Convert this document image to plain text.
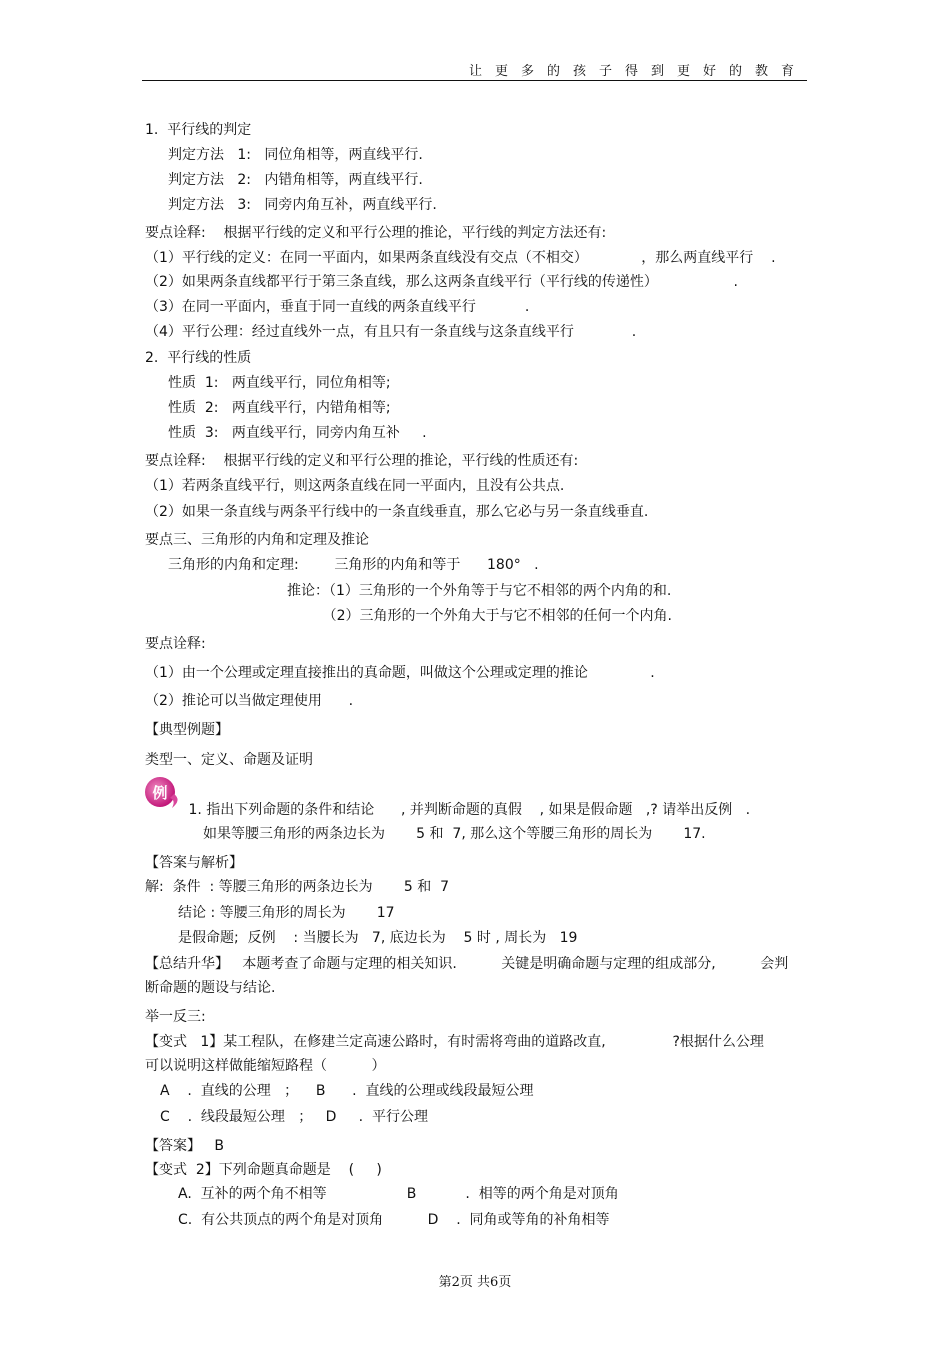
让更多的孩子得到更好的教育
1.  平行线的判定
判定方法   1:   同位角相等，两直线平行.
判定方法   2:   内错角相等，两直线平行.
判定方法   3:   同旁内角互补，两直线平行.
要点诠释:    根据平行线的定义和平行公理的推论，平行线的判定方法还有:
（1）平行线的定义：在同一平面内，如果两条直线没有交点（不相交）            ，那么两直线平行    .
（2）如果两条直线都平行于第三条直线，那么这两条直线平行（平行线的传递性）                 .
（3）在同一平面内，垂直于同一直线的两条直线平行           .
（4）平行公理：经过直线外一点，有且只有一条直线与这条直线平行             .
2.  平行线的性质
性质  1:   两直线平行，同位角相等;
性质  2:   两直线平行，内错角相等;
性质  3:   两直线平行，同旁内角互补     .
要点诠释:    根据平行线的定义和平行公理的推论，平行线的性质还有:
（1）若两条直线平行，则这两条直线在同一平面内，且没有公共点.
（2）如果一条直线与两条平行线中的一条直线垂直，那么它必与另一条直线垂直.
要点三、三角形的内角和定理及推论
三角形的内角和定理:        三角形的内角和等于      180°   .
推论：（1）三角形的一个外角等于与它不相邻的两个内角的和.
（2）三角形的一个外角大于与它不相邻的任何一个内角.
要点诠释:
（1）由一个公理或定理直接推出的真命题，叫做这个公理或定理的推论              .
（2）推论可以当做定理使用      .
【典型例题】
类型一、定义、命题及证明
1. 指出下列命题的条件和结论      , 并判断命题的真假    , 如果是假命题   ,? 请举出反例   .
如果等腰三角形的两条边长为       5 和  7, 那么这个等腰三角形的周长为       17.
【答案与解析】
解:  条件  : 等腰三角形的两条边长为       5 和  7
结论 : 等腰三角形的周长为       17
是假命题;  反例    : 当腰长为   7, 底边长为    5 时 , 周长为   19
【总结升华】   本题考查了命题与定理的相关知识.          关键是明确命题与定理的组成部分,          会判
断命题的题设与结论.
举一反三:
【变式   1】某工程队，在修建兰定高速公路时，有时需将弯曲的道路改直,               ?根据什么公理
可以说明这样做能缩短路程（          ）
A    .  直线的公理   ；    B      .  直线的公理或线段最短公理
C    .  线段最短公理   ；   D     .  平行公理
【答案】   B
【变式  2】下列命题真命题是    (     )
A.  互补的两个角不相等                  B           .  相等的两个角是对顶角
C.  有公共顶点的两个角是对顶角          D    .  同角或等角的补角相等
例
第2页 共6页
